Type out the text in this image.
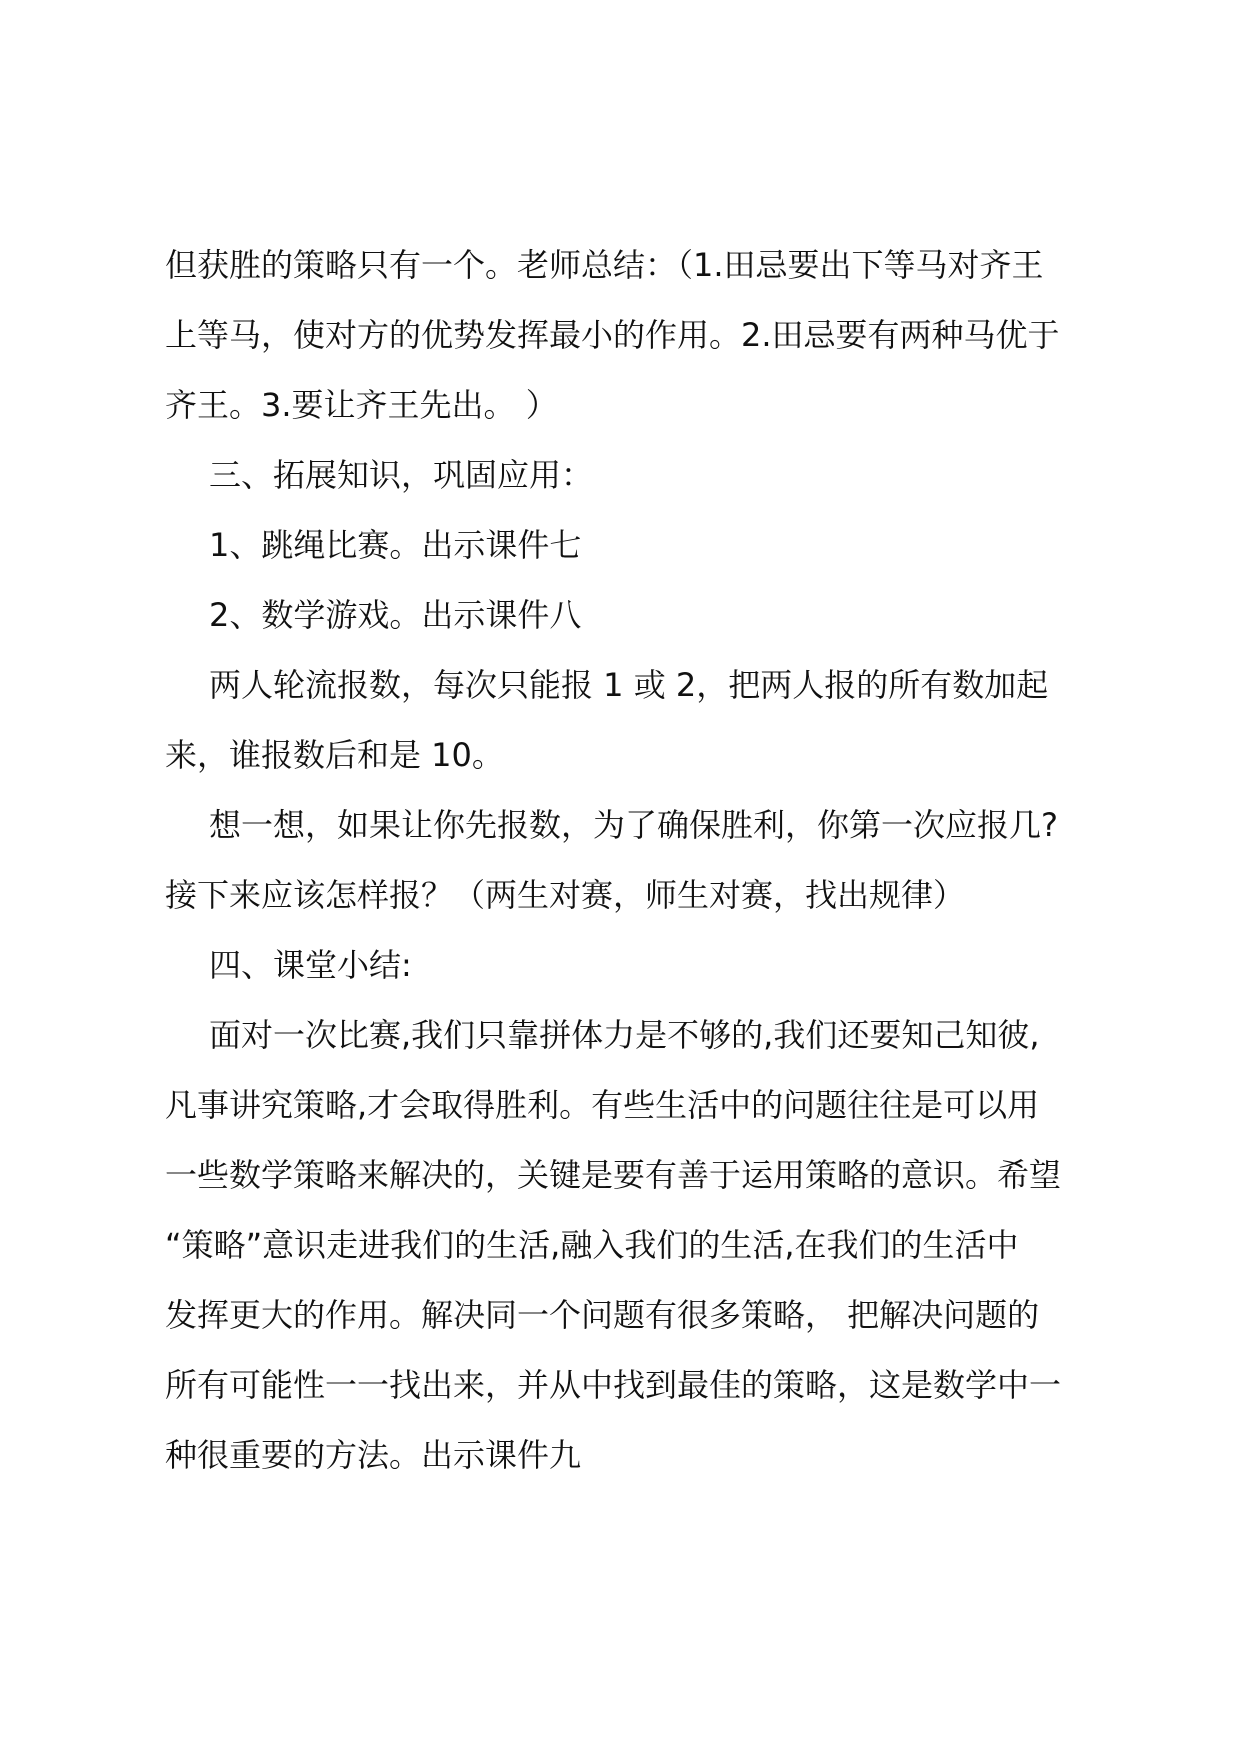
但获胜的策略只有一个。老师总结：（1.田忌要出下等马对齐王
上等马，使对方的优势发挥最小的作用。2.田忌要有两种马优于
齐王。3.要让齐王先出。 ）
三、拓展知识，巩固应用：
1、跳绳比赛。出示课件七
2、数学游戏。出示课件八
两人轮流报数，每次只能报 1 或 2，把两人报的所有数加起
来，谁报数后和是 10。
想一想，如果让你先报数，为了确保胜利，你第一次应报几?
接下来应该怎样报？（两生对赛，师生对赛，找出规律）
四、课堂小结:
面对一次比赛,我们只靠拼体力是不够的,我们还要知己知彼,
凡事讲究策略,才会取得胜利。有些生活中的问题往往是可以用
一些数学策略来解决的，关键是要有善于运用策略的意识。希望
“策略”意识走进我们的生活,融入我们的生活,在我们的生活中
发挥更大的作用。解决同一个问题有很多策略， 把解决问题的
所有可能性一一找出来，并从中找到最佳的策略，这是数学中一
种很重要的方法。出示课件九
